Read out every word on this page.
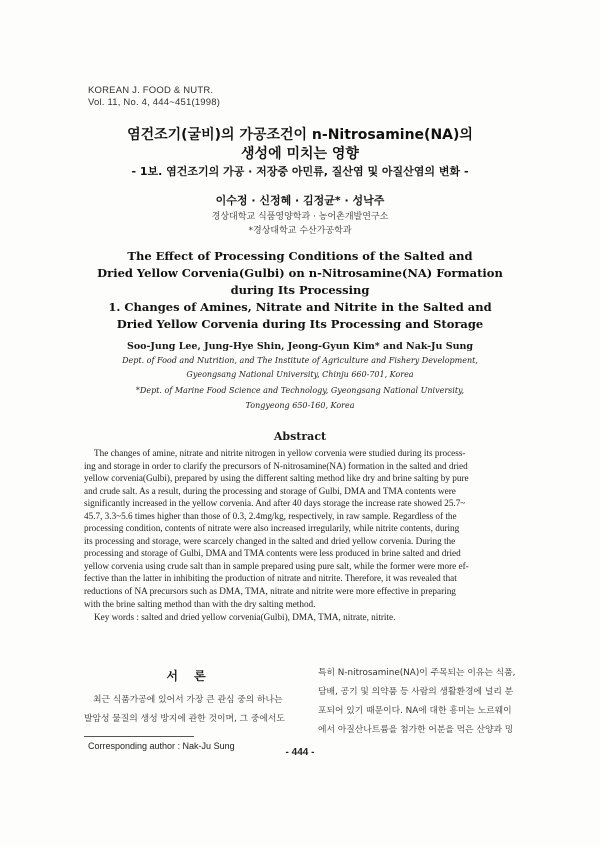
KOREAN J. FOOD & NUTR.
Vol. 11, No. 4, 444~451(1998)
염건조기(굴비)의 가공조건이 n-Nitrosamine(NA)의
생성에 미치는 영향
- 1보. 염건조기의 가공 · 저장중 아민류, 질산염 및 아질산염의 변화 -
이수정 · 신정혜 · 김정균* · 성낙주
경상대학교 식품영양학과 · 농어촌개발연구소
*경상대학교 수산가공학과
The Effect of Processing Conditions of the Salted and
Dried Yellow Corvenia(Gulbi) on n-Nitrosamine(NA) Formation
during Its Processing
1. Changes of Amines, Nitrate and Nitrite in the Salted and
Dried Yellow Corvenia during Its Processing and Storage
Soo-Jung Lee, Jung-Hye Shin, Jeong-Gyun Kim* and Nak-Ju Sung
Dept. of Food and Nutrition, and The Institute of Agriculture and Fishery Development,
Gyeongsang National University, Chinju 660-701, Korea
*Dept. of Marine Food Science and Technology, Gyeongsang National University,
Tongyeong 650-160, Korea
Abstract
The changes of amine, nitrate and nitrite nitrogen in yellow corvenia were studied during its process-
ing and storage in order to clarify the precursors of N-nitrosamine(NA) formation in the salted and dried
yellow corvenia(Gulbi), prepared by using the different salting method like dry and brine salting by pure
and crude salt. As a result, during the processing and storage of Gulbi, DMA and TMA contents were
significantly increased in the yellow corvenia. And after 40 days storage the increase rate showed 25.7~
45.7, 3.3~5.6 times higher than those of 0.3, 2.4mg/kg, respectively, in raw sample. Regardless of the
processing condition, contents of nitrate were also increased irregularily, while nitrite contents, during
its processing and storage, were scarcely changed in the salted and dried yellow corvenia. During the
processing and storage of Gulbi, DMA and TMA contents were less produced in brine salted and dried
yellow corvenia using crude salt than in sample prepared using pure salt, while the former were more ef-
fective than the latter in inhibiting the production of nitrate and nitrite. Therefore, it was revealed that
reductions of NA precursors such as DMA, TMA, nitrate and nitrite were more effective in preparing
with the brine salting method than with the dry salting method.
Key words : salted and dried yellow corvenia(Gulbi), DMA, TMA, nitrate, nitrite.
서 론
최근 식품가공에 있어서 가장 큰 관심 중의 하나는
발암성 물질의 생성 방지에 관한 것이며, 그 중에서도
특히 N-nitrosamine(NA)이 주목되는 이유는 식품,
담배, 공기 및 의약품 등 사람의 생활환경에 널리 분
포되어 있기 때문이다. NA에 대한 흥미는 노르웨이
에서 아질산나트륨을 첨가한 어분을 먹은 산양과 밍
Corresponding author : Nak-Ju Sung
- 444 -
